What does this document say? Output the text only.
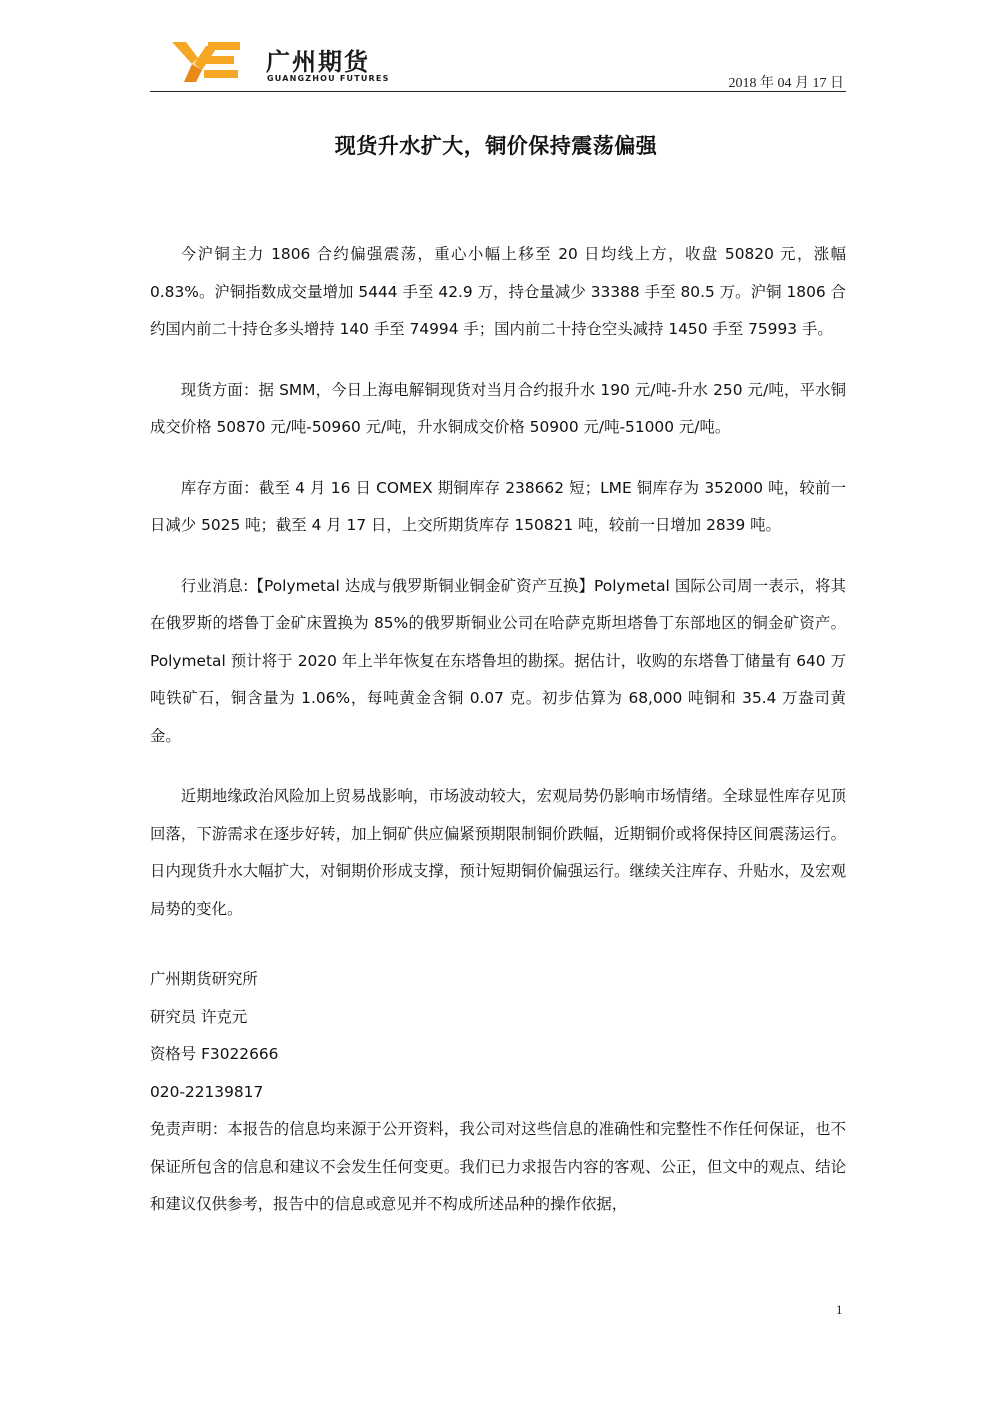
广州期货
GUANGZHOU FUTURES	2018 年 04 月 17 日
现货升水扩大，铜价保持震荡偏强

今沪铜主力 1806 合约偏强震荡，重心小幅上移至 20 日均线上方，收盘 50820 元，涨幅 0.83%。沪铜指数成交量增加 5444 手至 42.9 万，持仓量减少 33388 手至 80.5 万。沪铜 1806 合约国内前二十持仓多头增持 140 手至 74994 手；国内前二十持仓空头减持 1450 手至 75993 手。

现货方面：据 SMM，今日上海电解铜现货对当月合约报升水 190 元/吨-升水 250 元/吨，平水铜成交价格 50870 元/吨-50960 元/吨，升水铜成交价格 50900 元/吨-51000 元/吨。

库存方面：截至 4 月 16 日 COMEX 期铜库存 238662 短；LME 铜库存为 352000 吨，较前一日减少 5025 吨；截至 4 月 17 日，上交所期货库存 150821 吨，较前一日增加 2839 吨。

行业消息:【Polymetal 达成与俄罗斯铜业铜金矿资产互换】Polymetal 国际公司周一表示，将其在俄罗斯的塔鲁丁金矿床置换为 85%的俄罗斯铜业公司在哈萨克斯坦塔鲁丁东部地区的铜金矿资产。Polymetal 预计将于 2020 年上半年恢复在东塔鲁坦的勘探。据估计，收购的东塔鲁丁储量有 640 万吨铁矿石，铜含量为 1.06%，每吨黄金含铜 0.07 克。初步估算为 68,000 吨铜和 35.4 万盎司黄金。

近期地缘政治风险加上贸易战影响，市场波动较大，宏观局势仍影响市场情绪。全球显性库存见顶回落，下游需求在逐步好转，加上铜矿供应偏紧预期限制铜价跌幅，近期铜价或将保持区间震荡运行。日内现货升水大幅扩大，对铜期价形成支撑，预计短期铜价偏强运行。继续关注库存、升贴水，及宏观局势的变化。

广州期货研究所

研究员 许克元

资格号 F3022666

020-22139817

免责声明：本报告的信息均来源于公开资料，我公司对这些信息的准确性和完整性不作任何保证，也不保证所包含的信息和建议不会发生任何变更。我们已力求报告内容的客观、公正，但文中的观点、结论和建议仅供参考，报告中的信息或意见并不构成所述品种的操作依据，

1
